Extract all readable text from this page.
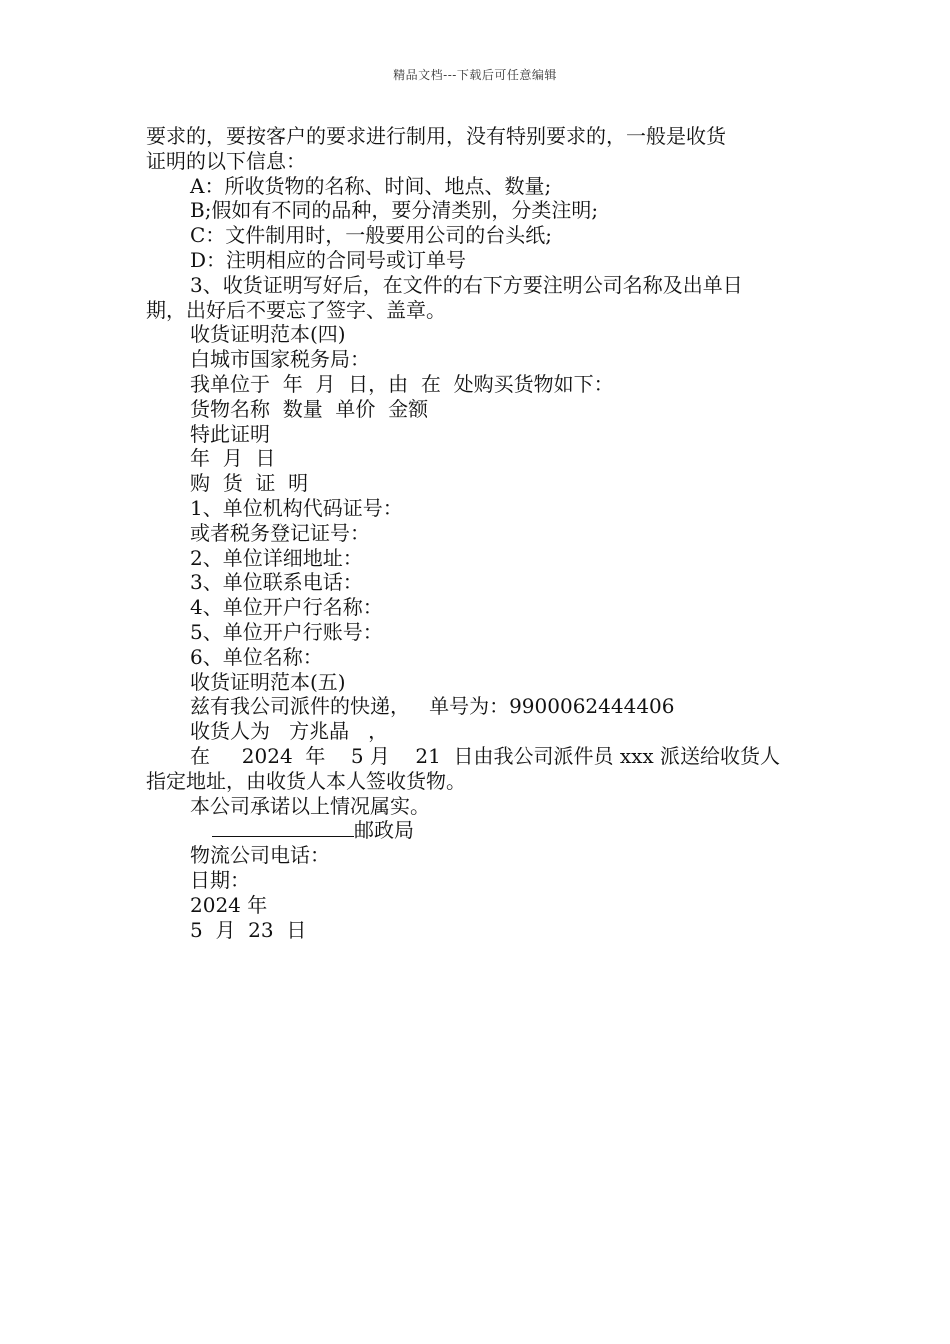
精品文档---下载后可任意编辑
要求的，要按客户的要求进行制用，没有特别要求的，一般是收货
证明的以下信息：
A：所收货物的名称、时间、地点、数量;
B;假如有不同的品种，要分清类别，分类注明;
C：文件制用时，一般要用公司的台头纸;
D：注明相应的合同号或订单号
3、收货证明写好后，在文件的右下方要注明公司名称及出单日
期，出好后不要忘了签字、盖章。
收货证明范本(四)
白城市国家税务局：
我单位于  年  月  日，由  在  处购买货物如下：
货物名称  数量  单价  金额
特此证明
年  月  日
购  货  证  明
1、单位机构代码证号：
或者税务登记证号：
2、单位详细地址：
3、单位联系电话：
4、单位开户行名称：
5、单位开户行账号：
6、单位名称：
收货证明范本(五)
兹有我公司派件的快递，   单号为：9900062444406
收货人为   方兆晶   ，
在     2024  年    5 月    21  日由我公司派件员 xxx 派送给收货人
指定地址，由收货人本人签收货物。
本公司承诺以上情况属实。
邮政局
物流公司电话：
日期：
2024 年
5  月  23  日
